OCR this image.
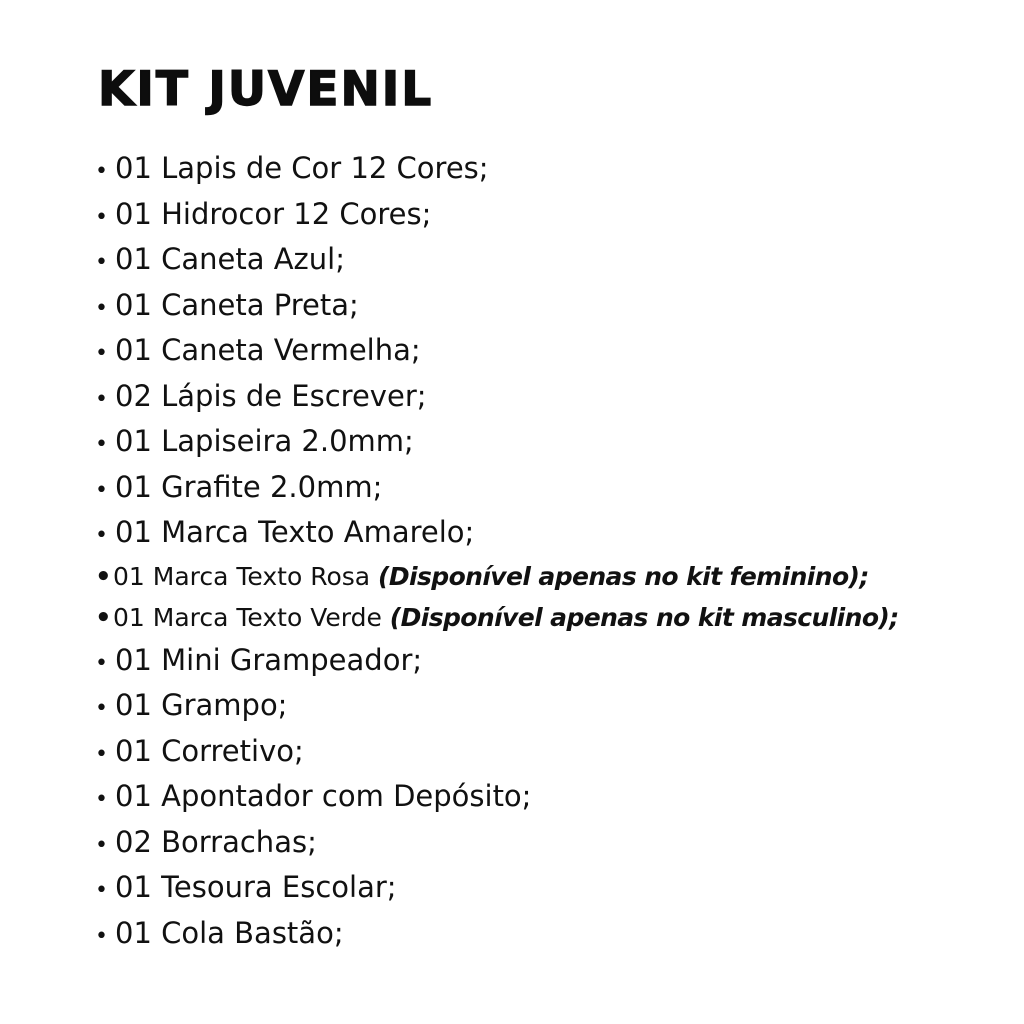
KIT JUVENIL
• 01 Lapis de Cor 12 Cores;
• 01 Hidrocor 12 Cores;
• 01 Caneta Azul;
• 01 Caneta Preta;
• 01 Caneta Vermelha;
• 02 Lápis de Escrever;
• 01 Lapiseira 2.0mm;
• 01 Grafite 2.0mm;
• 01 Marca Texto Amarelo;
•01 Marca Texto Rosa (Disponível apenas no kit feminino);
•01 Marca Texto Verde (Disponível apenas no kit masculino);
• 01 Mini Grampeador;
• 01 Grampo;
• 01 Corretivo;
• 01 Apontador com Depósito;
• 02 Borrachas;
• 01 Tesoura Escolar;
• 01 Cola Bastão;
